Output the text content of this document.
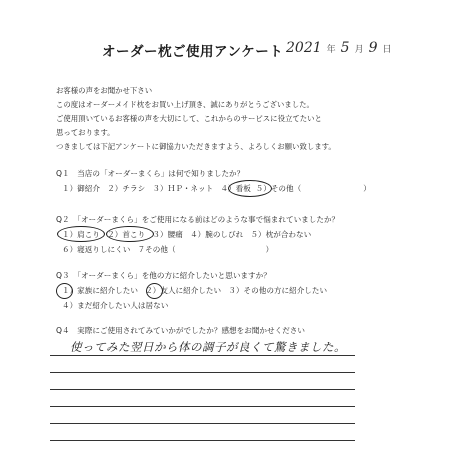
オーダー枕ご使用アンケート 2021 年 5 月 9 日
お客様の声をお聞かせ下さい
この度はオーダーメイド枕をお買い上げ頂き、誠にありがとうございました。
ご使用頂いているお客様の声を大切にして、これからのサービスに役立てたいと
思っております。
つきましては下記アンケートに御協力いただきますよう、よろしくお願い致します。
Q１　当店の「オーダーまくら」は何で知りましたか？
１）御紹介 ２）チラシ ３）ＨＰ・ネット ４）看板 ５）その他（	）
Q２　「オーダーまくら」をご使用になる前はどのような事で悩まれていましたか？
１）肩こり ２）首こり ３）腰痛 ４）腕のしびれ ５）枕が合わない
６）寝返りしにくい ７その他（	）
Q３　「オーダーまくら」を他の方に紹介したいと思いますか？
１）家族に紹介したい ２）友人に紹介したい ３）その他の方に紹介したい
４）まだ紹介したい人は居ない
Q４　実際にご使用されてみていかがでしたか？感想をお聞かせください
使ってみた翌日から体の調子が良くて驚きました。
